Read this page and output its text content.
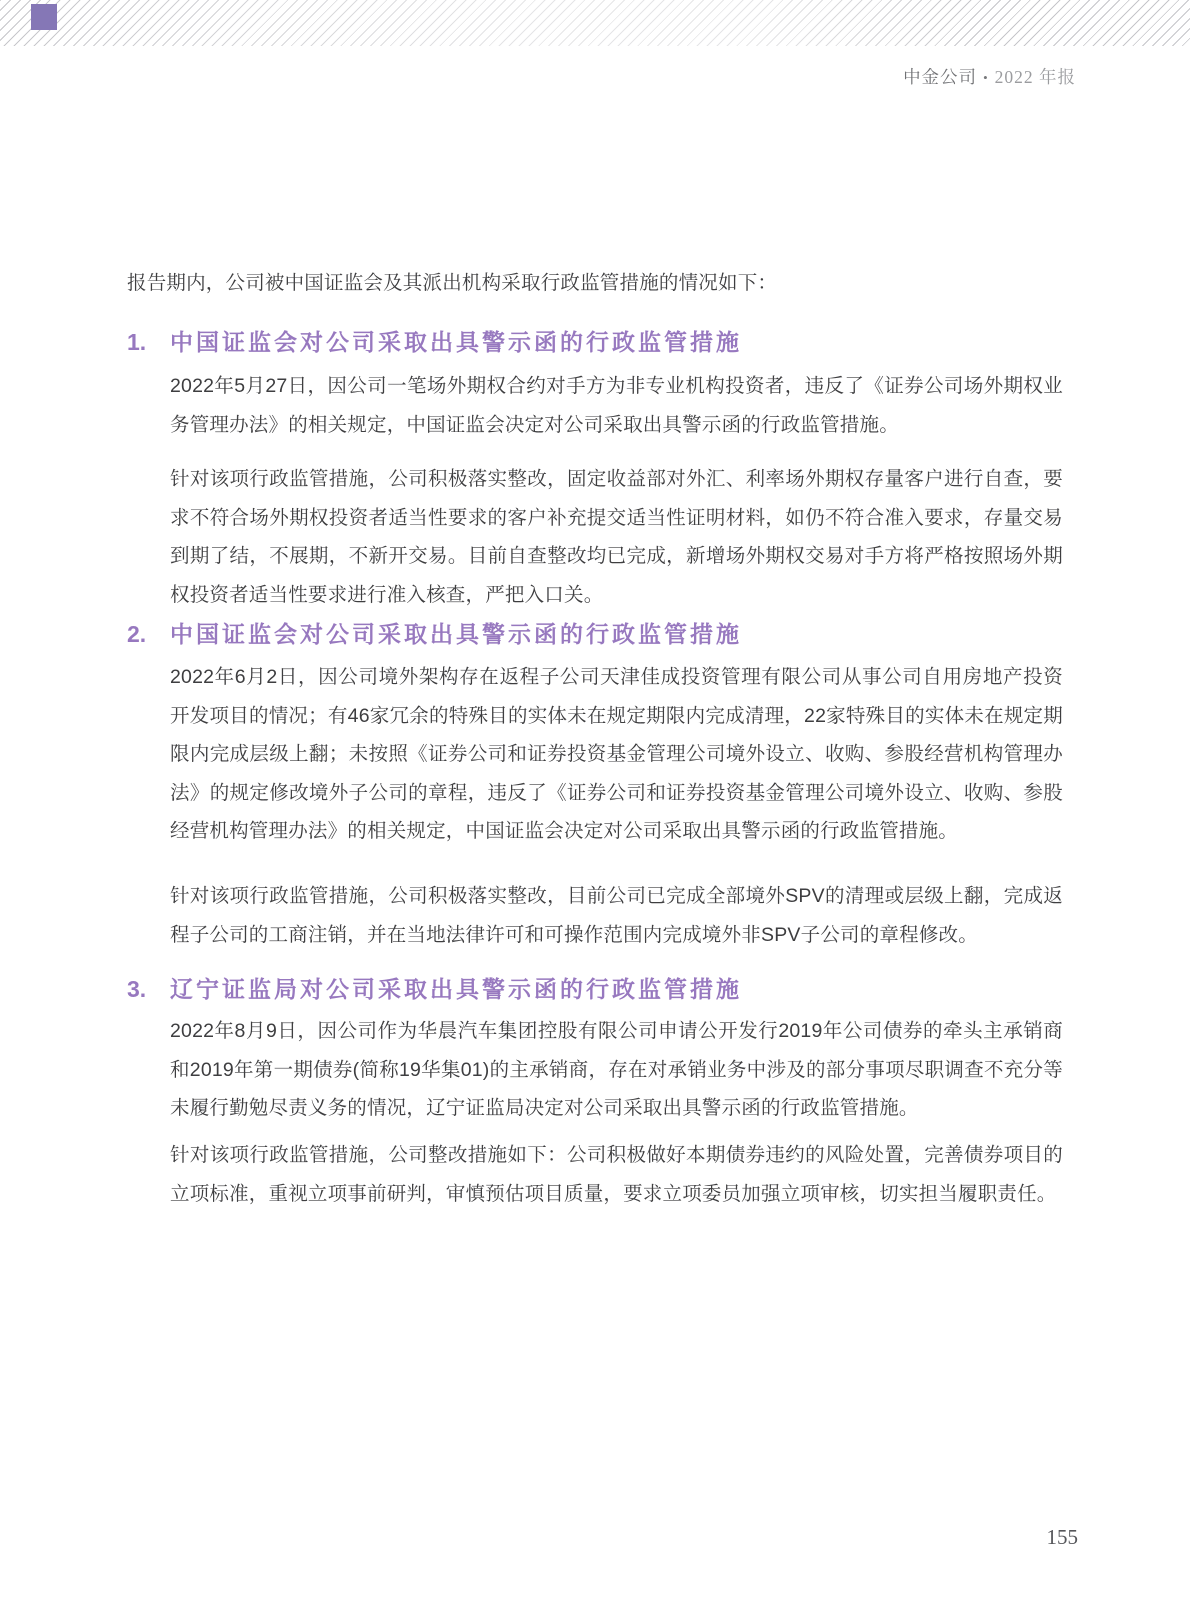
中金公司 • 2022 年报
报告期内，公司被中国证监会及其派出机构采取行政监管措施的情况如下：
1.	中国证监会对公司采取出具警示函的行政监管措施
2022年5月27日，因公司一笔场外期权合约对手方为非专业机构投资者，违反了《证券公司场外期权业务管理办法》的相关规定，中国证监会决定对公司采取出具警示函的行政监管措施。
针对该项行政监管措施，公司积极落实整改，固定收益部对外汇、利率场外期权存量客户进行自查，要求不符合场外期权投资者适当性要求的客户补充提交适当性证明材料，如仍不符合准入要求，存量交易到期了结，不展期，不新开交易。目前自查整改均已完成，新增场外期权交易对手方将严格按照场外期权投资者适当性要求进行准入核查，严把入口关。
2.	中国证监会对公司采取出具警示函的行政监管措施
2022年6月2日，因公司境外架构存在返程子公司天津佳成投资管理有限公司从事公司自用房地产投资开发项目的情况；有46家冗余的特殊目的实体未在规定期限内完成清理，22家特殊目的实体未在规定期限内完成层级上翻；未按照《证券公司和证券投资基金管理公司境外设立、收购、参股经营机构管理办法》的规定修改境外子公司的章程，违反了《证券公司和证券投资基金管理公司境外设立、收购、参股经营机构管理办法》的相关规定，中国证监会决定对公司采取出具警示函的行政监管措施。
针对该项行政监管措施，公司积极落实整改，目前公司已完成全部境外SPV的清理或层级上翻，完成返程子公司的工商注销，并在当地法律许可和可操作范围内完成境外非SPV子公司的章程修改。
3.	辽宁证监局对公司采取出具警示函的行政监管措施
2022年8月9日，因公司作为华晨汽车集团控股有限公司申请公开发行2019年公司债券的牵头主承销商和2019年第一期债券(简称19华集01)的主承销商，存在对承销业务中涉及的部分事项尽职调查不充分等未履行勤勉尽责义务的情况，辽宁证监局决定对公司采取出具警示函的行政监管措施。
针对该项行政监管措施，公司整改措施如下：公司积极做好本期债券违约的风险处置，完善债券项目的立项标准，重视立项事前研判，审慎预估项目质量，要求立项委员加强立项审核，切实担当履职责任。
155
